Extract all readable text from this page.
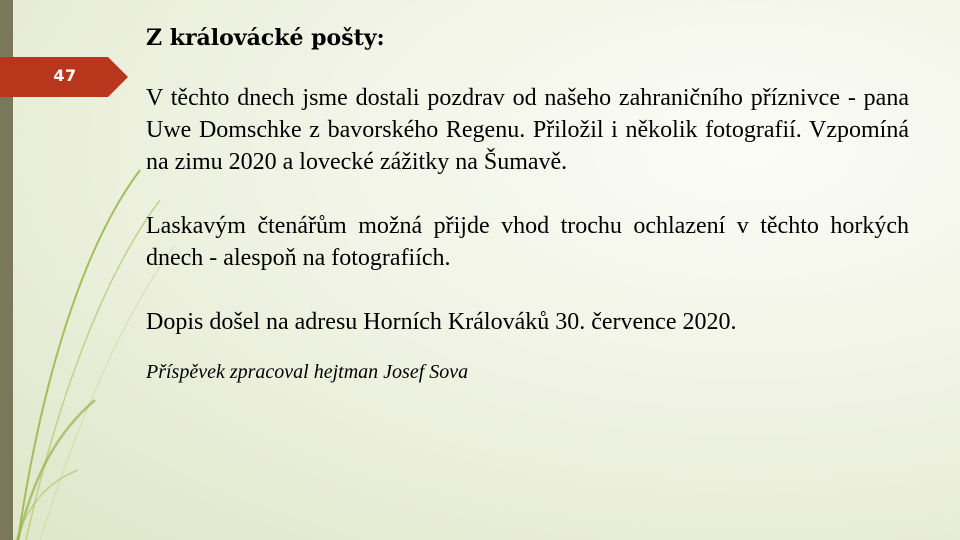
47
Z královácké pošty:

V těchto dnech jsme dostali pozdrav od našeho zahraničního příznivce - pana Uwe Domschke z bavorského Regenu. Přiložil i několik fotografií. Vzpomíná na zimu 2020 a lovecké zážitky na Šumavě.

Laskavým čtenářům možná přijde vhod trochu ochlazení v těchto horkých dnech - alespoň na fotografiích.

Dopis došel na adresu Horních Králováků 30. července 2020.

Příspěvek zpracoval hejtman Josef Sova
